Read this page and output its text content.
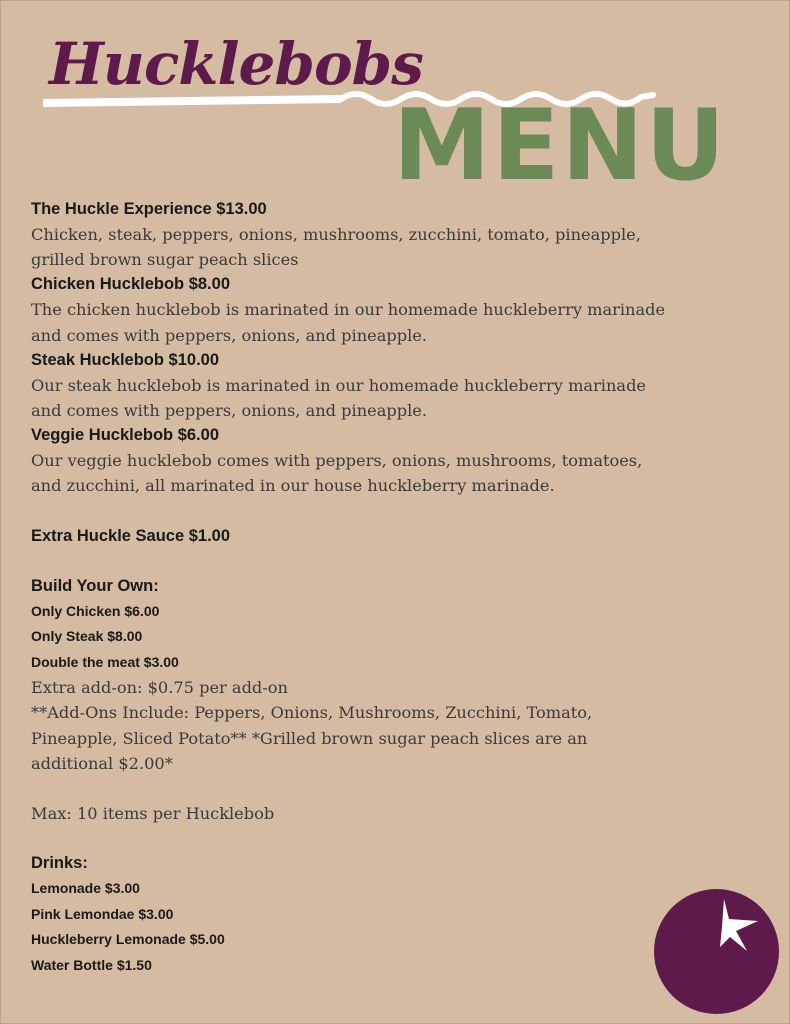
Hucklebobs
MENU
The Huckle Experience $13.00
Chicken, steak, peppers, onions, mushrooms, zucchini, tomato, pineapple, grilled brown sugar peach slices
Chicken Hucklebob $8.00
The chicken hucklebob is marinated in our homemade huckleberry marinade and comes with peppers, onions, and pineapple.
Steak Hucklebob $10.00
Our steak hucklebob is marinated in our homemade huckleberry marinade and comes with peppers, onions, and pineapple.
Veggie Hucklebob $6.00
Our veggie hucklebob comes with peppers, onions, mushrooms, tomatoes, and zucchini, all marinated in our house huckleberry marinade.
Extra Huckle Sauce $1.00
Build Your Own:
Only Chicken $6.00
Only Steak $8.00
Double the meat $3.00
Extra add-on: $0.75 per add-on
**Add-Ons Include: Peppers, Onions, Mushrooms, Zucchini, Tomato, Pineapple, Sliced Potato** *Grilled brown sugar peach slices are an additional $2.00*
Max: 10 items per Hucklebob
Drinks:
Lemonade $3.00
Pink Lemondae $3.00
Huckleberry Lemonade $5.00
Water Bottle $1.50
